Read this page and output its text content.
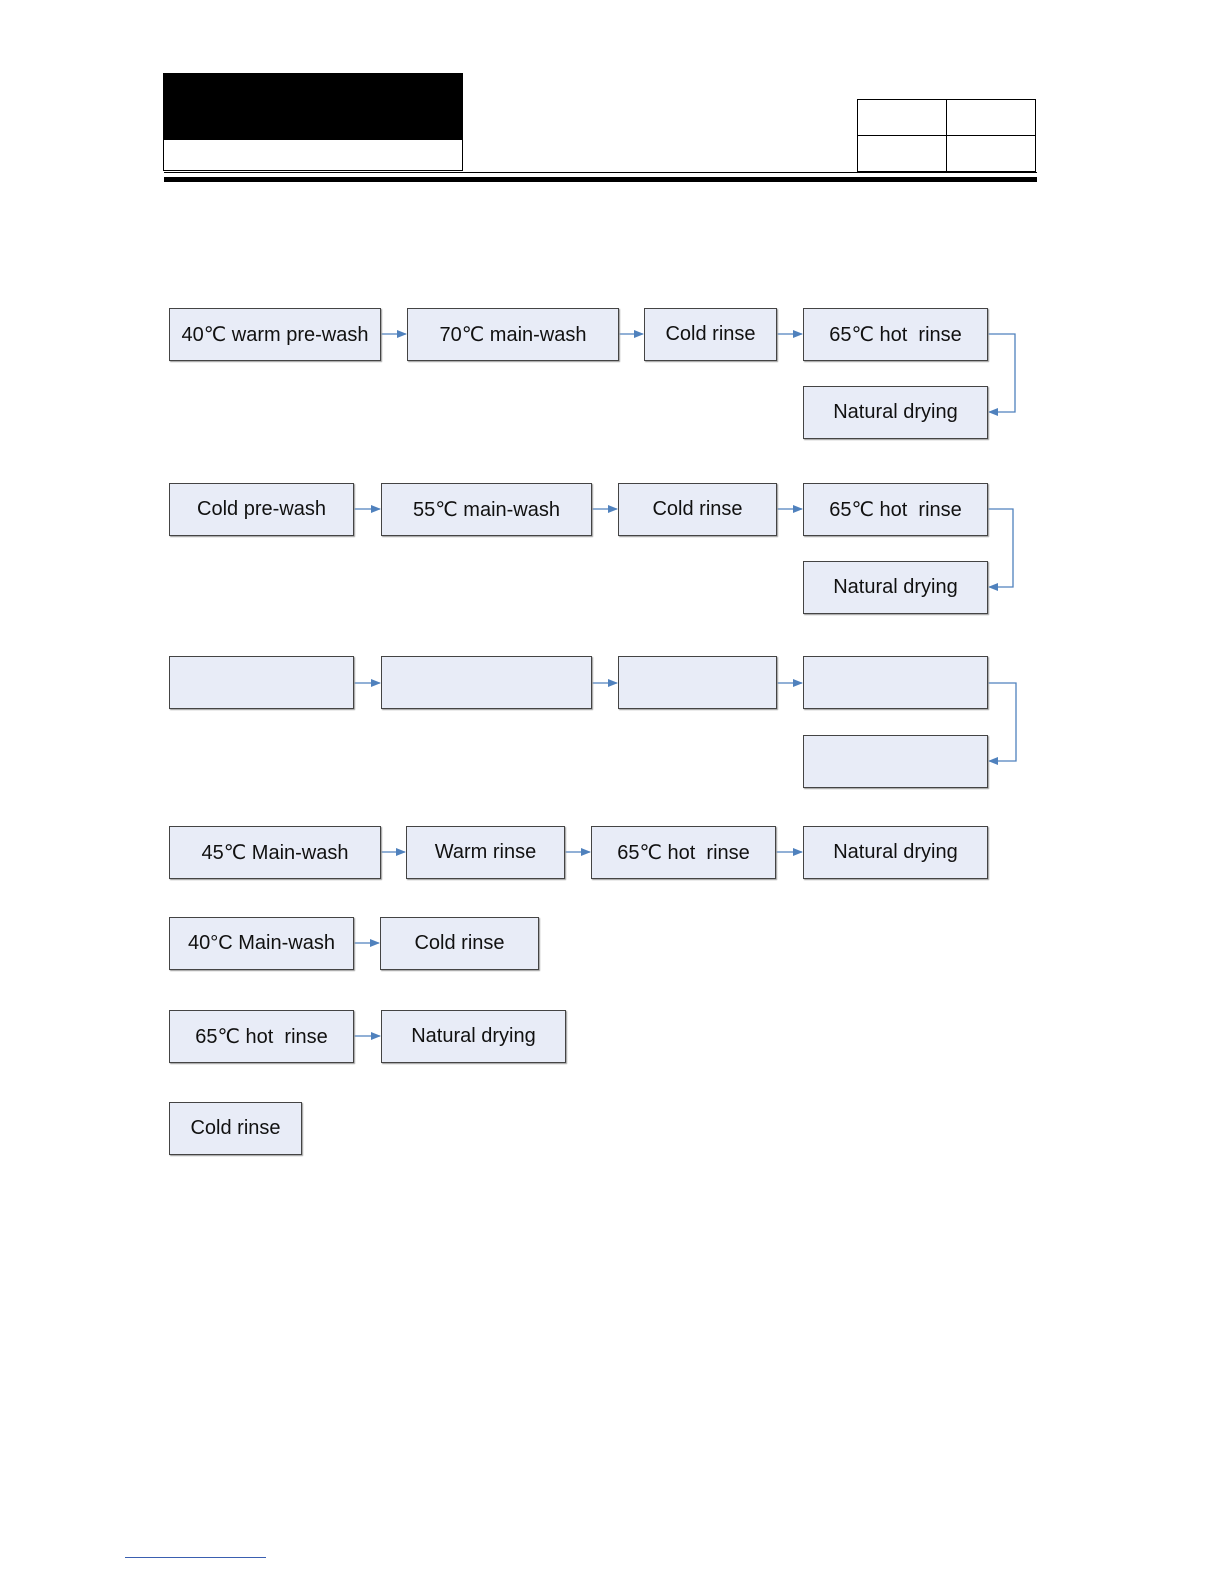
40℃ warm pre-wash	70℃ main-wash	Cold rinse	65℃ hot  rinse
Natural drying
Cold pre-wash	55℃ main-wash	Cold rinse	65℃ hot  rinse
Natural drying
45℃ Main-wash	Warm rinse	65℃ hot  rinse	Natural drying
40°C Main-wash	Cold rinse
65℃ hot  rinse	Natural drying
Cold rinse
